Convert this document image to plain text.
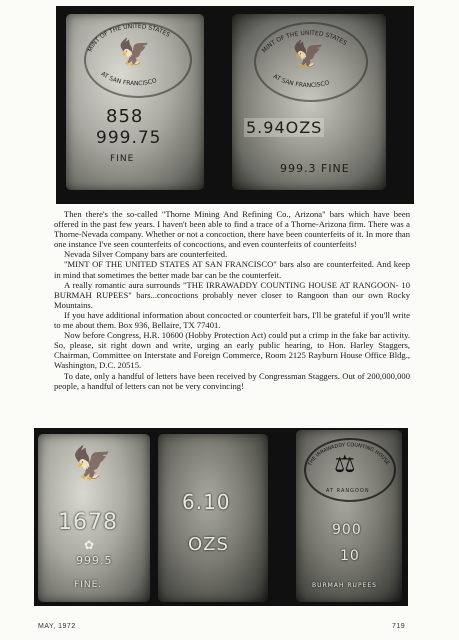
MINT OF THE UNITED STATES
AT SAN FRANCISCO
🦅
858
999.75
FINE
MINT OF THE UNITED STATES
AT SAN FRANCISCO
🦅
5.94OZS
999.3 FINE

Then there's the so-called "Thorne Mining And Refining Co., Arizona" bars which have been offered in the past few years. I haven't been able to find a trace of a Thorne-Arizona firm. There was a Thorne-Nevada company. Whether or not a concoction, there have been counterfeits of it. In more than one instance I've seen counterfeits of concoctions, and even counterfeits of counterfeits!

Nevada Silver Company bars are counterfeited.

"MINT OF THE UNITED STATES AT SAN FRANCISCO" bars also are counterfeited. And keep in mind that sometimes the better made bar can be the counterfeit.

A really romantic aura surrounds "THE IRRAWADDY COUNTING HOUSE AT RANGOON- 10 BURMAH RUPEES" bars...concoctions probably never closer to Rangoon than our own Rocky Mountains.

If you have additional information about concocted or counterfeit bars, I'll be grateful if you'll write to me about them. Box 936, Bellaire, TX 77401.

Now before Congress, H.R. 10600 (Hobby Protection Act) could put a crimp in the fake bar activity. So, please, sit right down and write, urging an early public hearing, to Hon. Harley Staggers, Chairman, Committee on Interstate and Foreign Commerce, Room 2125 Rayburn House Office Bldg., Washington, D.C. 20515.

To date, only a handful of letters have been received by Congressman Staggers. Out of 200,000,000 people, a handful of letters can not be very convincing!

🦅
1678
✿
999.5
FINE.
6.10
OZS
THE IRRAWADDY COUNTING HOUSE
⚖
AT RANGOON
900
10
BURMAH RUPEES
MAY, 1972	719
